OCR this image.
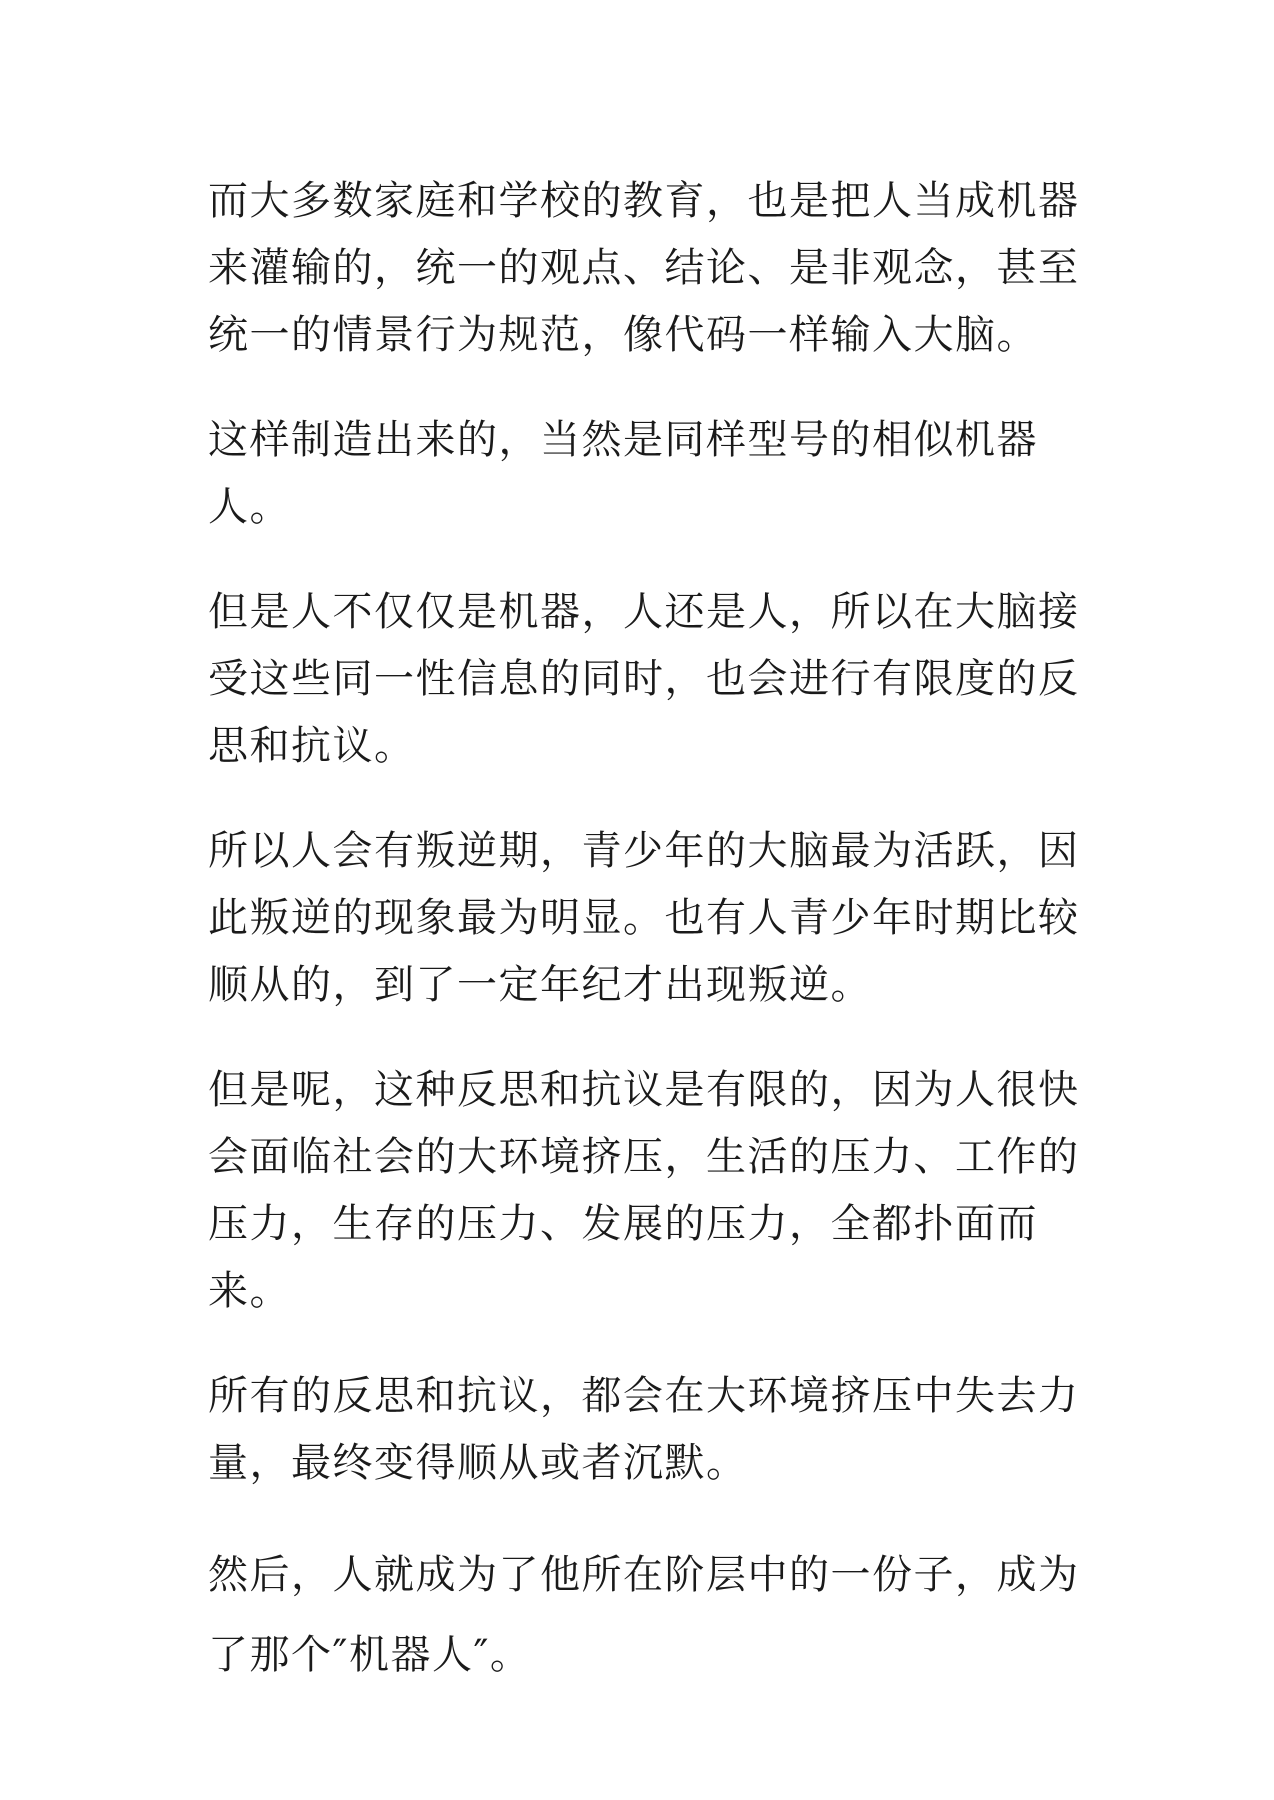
而大多数家庭和学校的教育，也是把人当成机器来灌输的，统一的观点、结论、是非观念，甚至统一的情景行为规范，像代码一样输入大脑。

这样制造出来的，当然是同样型号的相似机器人。

但是人不仅仅是机器，人还是人，所以在大脑接受这些同一性信息的同时，也会进行有限度的反思和抗议。

所以人会有叛逆期，青少年的大脑最为活跃，因此叛逆的现象最为明显。也有人青少年时期比较顺从的，到了一定年纪才出现叛逆。

但是呢，这种反思和抗议是有限的，因为人很快会面临社会的大环境挤压，生活的压力、工作的压力，生存的压力、发展的压力，全都扑面而来。

所有的反思和抗议，都会在大环境挤压中失去力量，最终变得顺从或者沉默。

然后，人就成为了他所在阶层中的一份子，成为了那个″机器人″。
